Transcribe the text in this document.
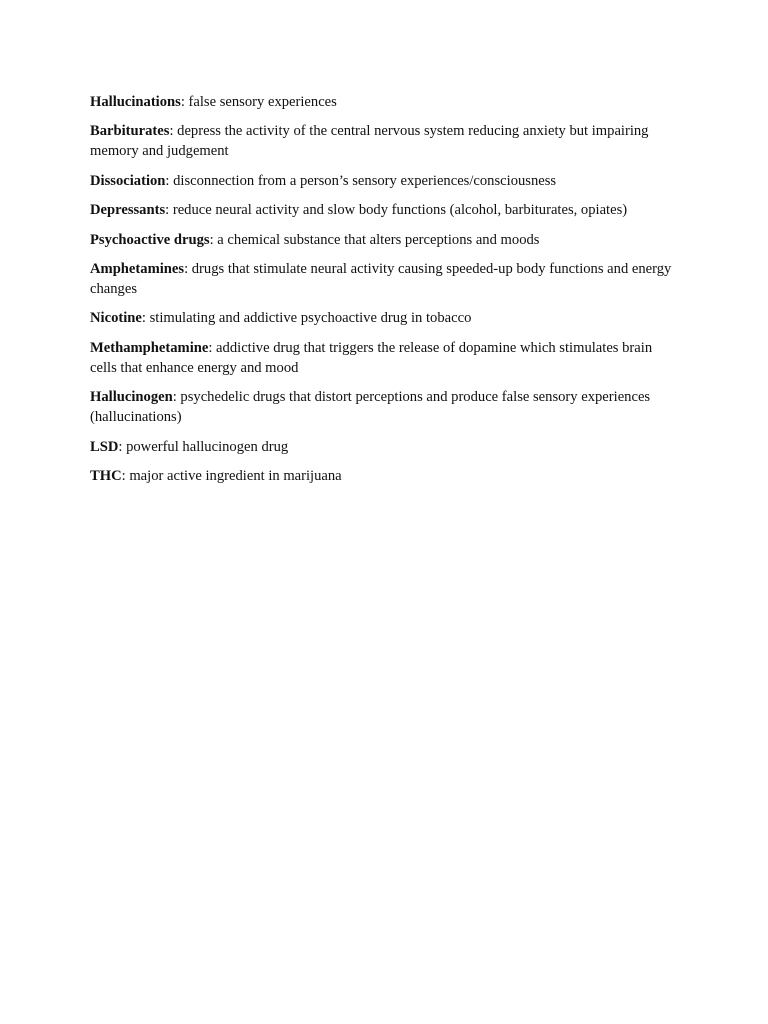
Hallucinations: false sensory experiences

Barbiturates: depress the activity of the central nervous system reducing anxiety but impairing memory and judgement

Dissociation: disconnection from a person’s sensory experiences/consciousness

Depressants: reduce neural activity and slow body functions (alcohol, barbiturates, opiates)

Psychoactive drugs: a chemical substance that alters perceptions and moods

Amphetamines: drugs that stimulate neural activity causing speeded-up body functions and energy changes

Nicotine: stimulating and addictive psychoactive drug in tobacco

Methamphetamine: addictive drug that triggers the release of dopamine which stimulates brain cells that enhance energy and mood

Hallucinogen: psychedelic drugs that distort perceptions and produce false sensory experiences (hallucinations)

LSD: powerful hallucinogen drug

THC: major active ingredient in marijuana
